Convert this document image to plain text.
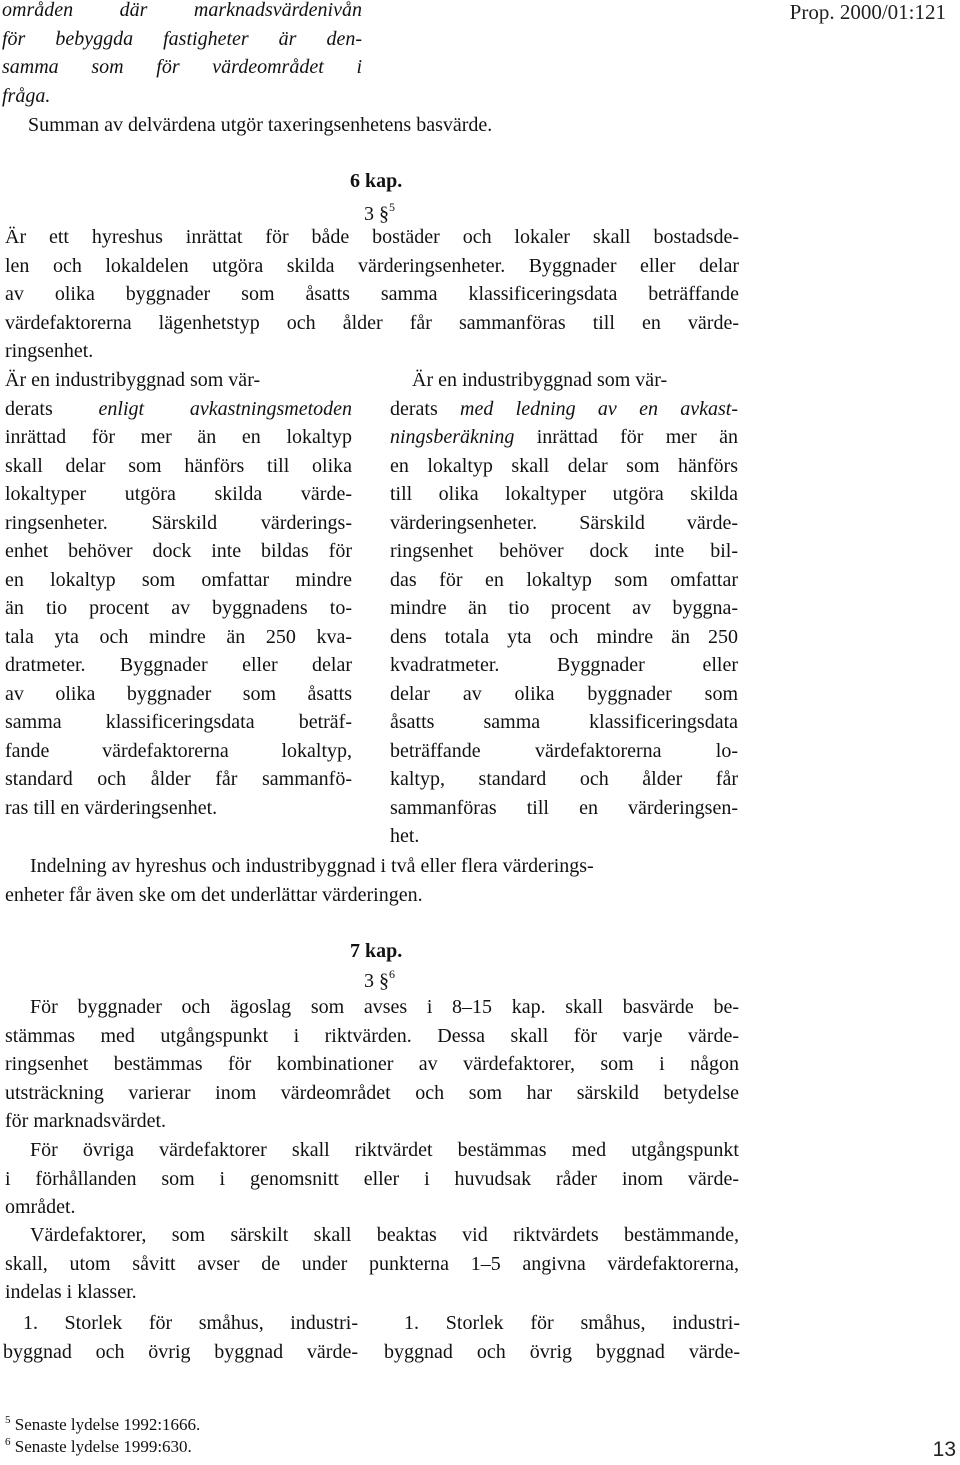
områden där marknadsvärdenivån
för bebyggda fastigheter är den-
samma som för värdeområdet i
fråga.
Prop. 2000/01:121
Summan av delvärdena utgör taxeringsenhetens basvärde.
6 kap.
3 §$^5$
Är ett hyreshus inrättat för både bostäder och lokaler skall bostadsde-
len och lokaldelen utgöra skilda värderingsenheter. Byggnader eller delar
av olika byggnader som åsatts samma klassificeringsdata beträffande
värdefaktorerna lägenhetstyp och ålder får sammanföras till en värde-
ringsenhet.
Är en industribyggnad som vär-
derats enligt avkastningsmetoden
inrättad för mer än en lokaltyp
skall delar som hänförs till olika
lokaltyper utgöra skilda värde-
ringsenheter. Särskild värderings-
enhet behöver dock inte bildas för
en lokaltyp som omfattar mindre
än tio procent av byggnadens to-
tala yta och mindre än 250 kva-
dratmeter. Byggnader eller delar
av olika byggnader som åsatts
samma klassificeringsdata beträf-
fande värdefaktorerna lokaltyp,
standard och ålder får sammanfö-
ras till en värderingsenhet.
Är en industribyggnad som vär-
derats med ledning av en avkast-
ningsberäkning inrättad för mer än
en lokaltyp skall delar som hänförs
till olika lokaltyper utgöra skilda
värderingsenheter. Särskild värde-
ringsenhet behöver dock inte bil-
das för en lokaltyp som omfattar
mindre än tio procent av byggna-
dens totala yta och mindre än 250
kvadratmeter. Byggnader eller
delar av olika byggnader som
åsatts samma klassificeringsdata
beträffande värdefaktorerna lo-
kaltyp, standard och ålder får
sammanföras till en värderingsen-
het.
Indelning av hyreshus och industribyggnad i två eller flera värderings-
enheter får även ske om det underlättar värderingen.
7 kap.
3 §$^6$
För byggnader och ägoslag som avses i 8–15 kap. skall basvärde be-
stämmas med utgångspunkt i riktvärden. Dessa skall för varje värde-
ringsenhet bestämmas för kombinationer av värdefaktorer, som i någon
utsträckning varierar inom värdeområdet och som har särskild betydelse
för marknadsvärdet.
För övriga värdefaktorer skall riktvärdet bestämmas med utgångspunkt
i förhållanden som i genomsnitt eller i huvudsak råder inom värde-
området.
Värdefaktorer, som särskilt skall beaktas vid riktvärdets bestämmande,
skall, utom såvitt avser de under punkterna 1–5 angivna värdefaktorerna,
indelas i klasser.
1. Storlek för småhus, industri-
byggnad och övrig byggnad värde-
1. Storlek för småhus, industri-
byggnad och övrig byggnad värde-
$^5$ Senaste lydelse 1992:1666.
$^6$ Senaste lydelse 1999:630.	13
